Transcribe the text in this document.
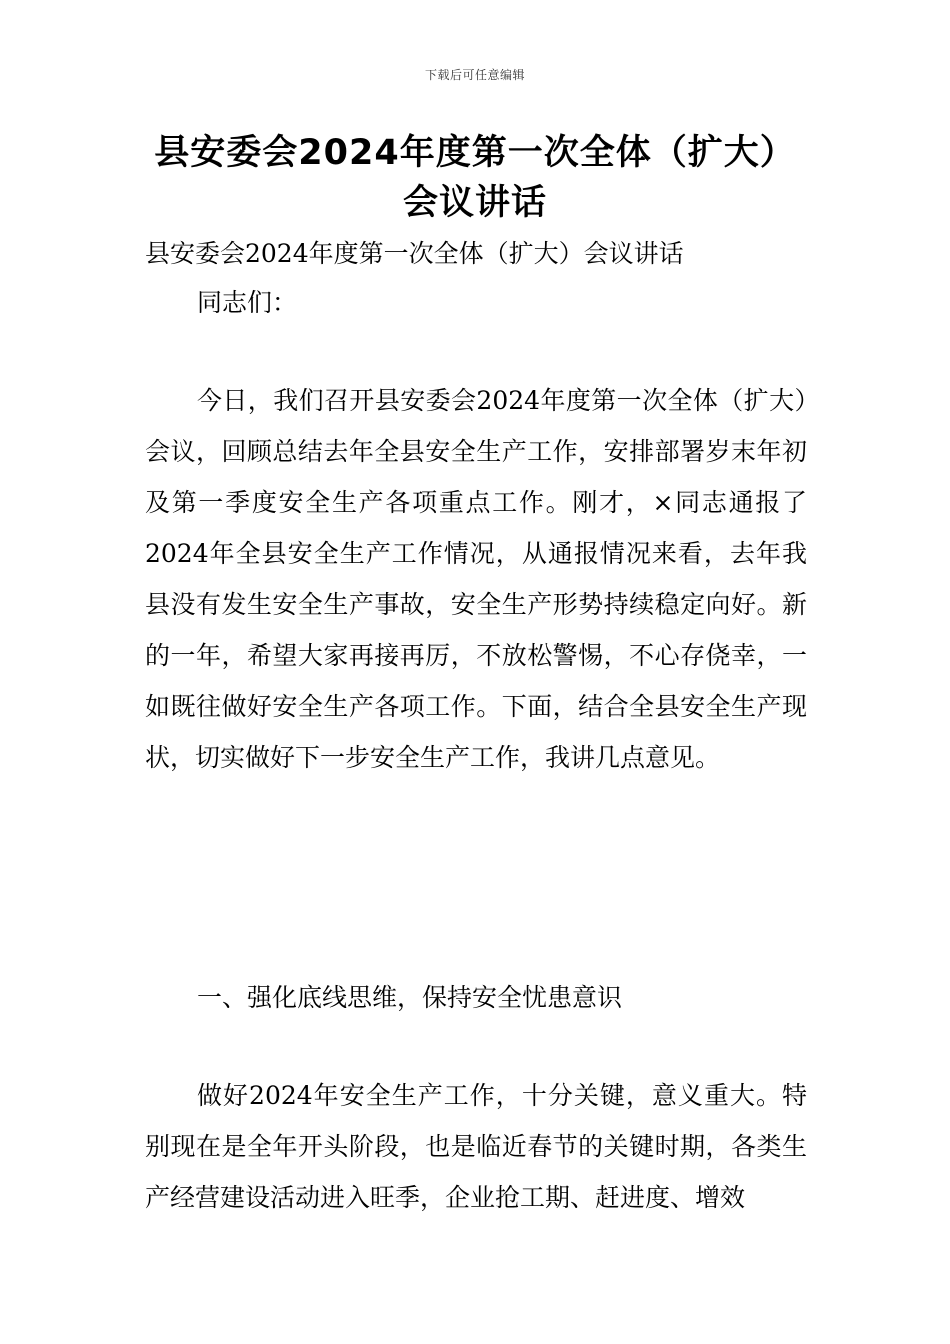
下载后可任意编辑
县安委会2024年度第一次全体（扩大）会议讲话

县安委会2024年度第一次全体（扩大）会议讲话

同志们：

今日，我们召开县安委会2024年度第一次全体（扩大）会议，回顾总结去年全县安全生产工作，安排部署岁末年初及第一季度安全生产各项重点工作。刚才，×同志通报了2024年全县安全生产工作情况，从通报情况来看，去年我县没有发生安全生产事故，安全生产形势持续稳定向好。新的一年，希望大家再接再厉，不放松警惕，不心存侥幸，一如既往做好安全生产各项工作。下面，结合全县安全生产现状，切实做好下一步安全生产工作，我讲几点意见。

一、强化底线思维，保持安全忧患意识

做好2024年安全生产工作，十分关键，意义重大。特别现在是全年开头阶段，也是临近春节的关键时期，各类生产经营建设活动进入旺季，企业抢工期、赶进度、增效
